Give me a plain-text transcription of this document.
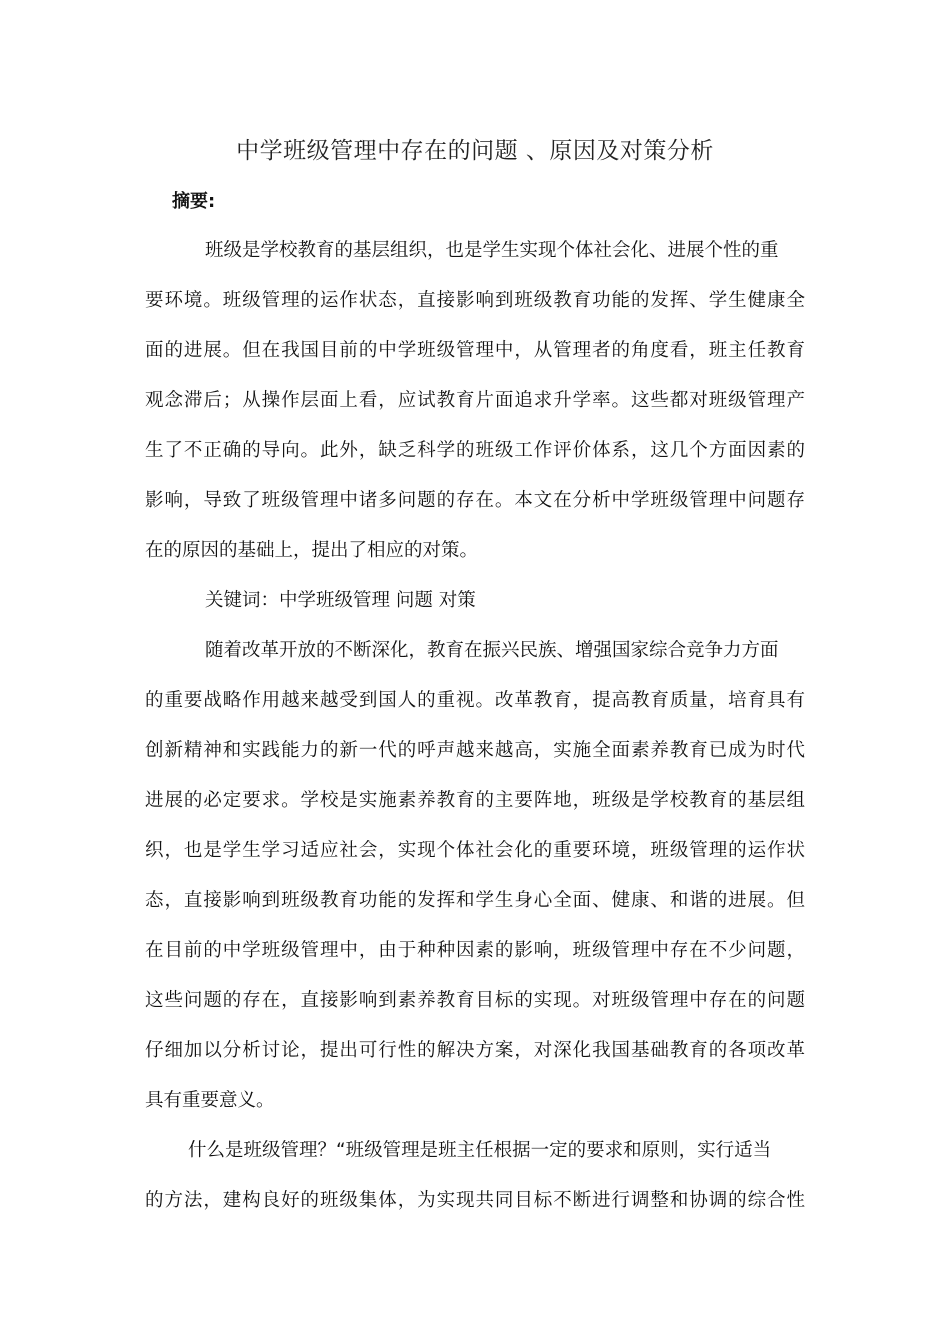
中学班级管理中存在的问题 、原因及对策分析
摘要:
班级是学校教育的基层组织，也是学生实现个体社会化、进展个性的重
要环境。班级管理的运作状态，直接影响到班级教育功能的发挥、学生健康全
面的进展。但在我国目前的中学班级管理中，从管理者的角度看，班主任教育
观念滞后；从操作层面上看，应试教育片面追求升学率。这些都对班级管理产
生了不正确的导向。此外，缺乏科学的班级工作评价体系，这几个方面因素的
影响，导致了班级管理中诸多问题的存在。本文在分析中学班级管理中问题存
在的原因的基础上，提出了相应的对策。
关键词：中学班级管理 问题 对策
随着改革开放的不断深化，教育在振兴民族、增强国家综合竞争力方面
的重要战略作用越来越受到国人的重视。改革教育，提高教育质量，培育具有
创新精神和实践能力的新一代的呼声越来越高，实施全面素养教育已成为时代
进展的必定要求。学校是实施素养教育的主要阵地，班级是学校教育的基层组
织，也是学生学习适应社会，实现个体社会化的重要环境，班级管理的运作状
态，直接影响到班级教育功能的发挥和学生身心全面、健康、和谐的进展。但
在目前的中学班级管理中，由于种种因素的影响，班级管理中存在不少问题，
这些问题的存在，直接影响到素养教育目标的实现。对班级管理中存在的问题
仔细加以分析讨论，提出可行性的解决方案，对深化我国基础教育的各项改革
具有重要意义。
什么是班级管理？“班级管理是班主任根据一定的要求和原则，实行适当
的方法，建构良好的班级集体，为实现共同目标不断进行调整和协调的综合性
